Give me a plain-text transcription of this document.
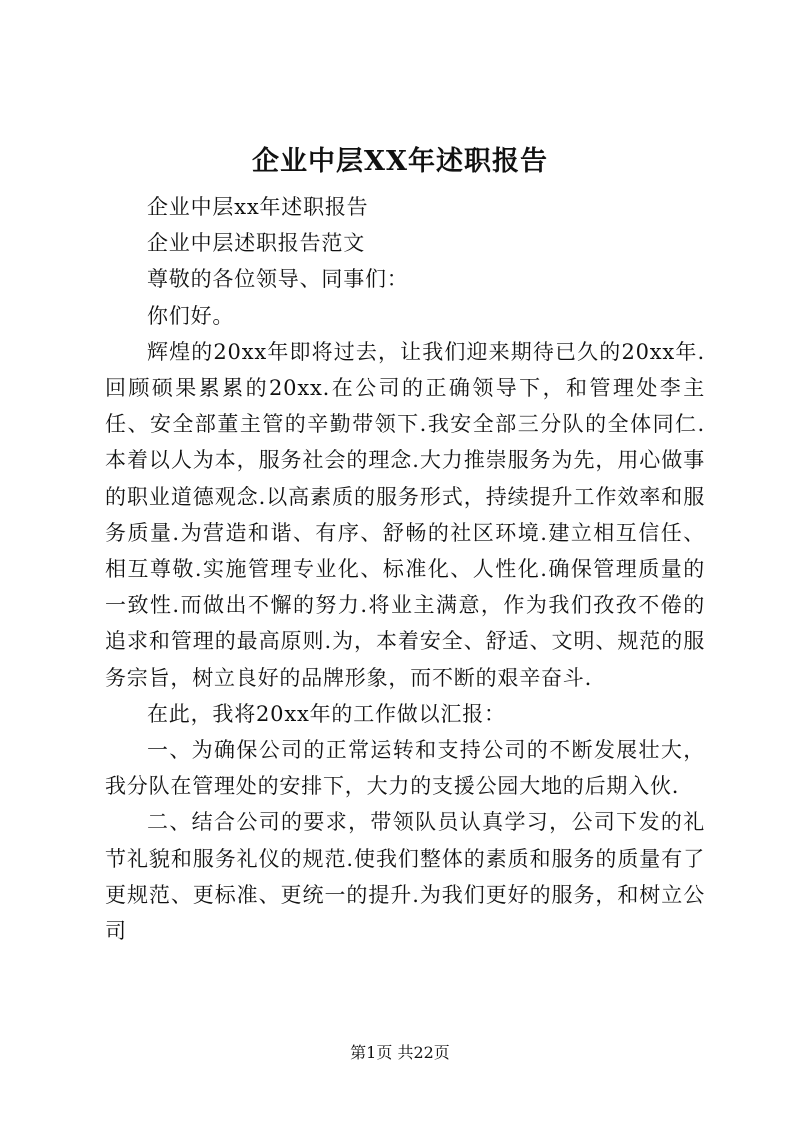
企业中层XX年述职报告

企业中层xx年述职报告

企业中层述职报告范文

尊敬的各位领导、同事们：

你们好。

辉煌的20xx年即将过去，让我们迎来期待已久的20xx年.回顾硕果累累的20xx.在公司的正确领导下，和管理处李主任、安全部董主管的辛勤带领下.我安全部三分队的全体同仁.本着以人为本，服务社会的理念.大力推崇服务为先，用心做事的职业道德观念.以高素质的服务形式，持续提升工作效率和服务质量.为营造和谐、有序、舒畅的社区环境.建立相互信任、相互尊敬.实施管理专业化、标准化、人性化.确保管理质量的一致性.而做出不懈的努力.将业主满意，作为我们孜孜不倦的追求和管理的最高原则.为，本着安全、舒适、文明、规范的服务宗旨，树立良好的品牌形象，而不断的艰辛奋斗.

在此，我将20xx年的工作做以汇报：

一、为确保公司的正常运转和支持公司的不断发展壮大，我分队在管理处的安排下，大力的支援公园大地的后期入伙.

二、结合公司的要求，带领队员认真学习，公司下发的礼节礼貌和服务礼仪的规范.使我们整体的素质和服务的质量有了更规范、更标准、更统一的提升.为我们更好的服务，和树立公司

第1页 共22页
